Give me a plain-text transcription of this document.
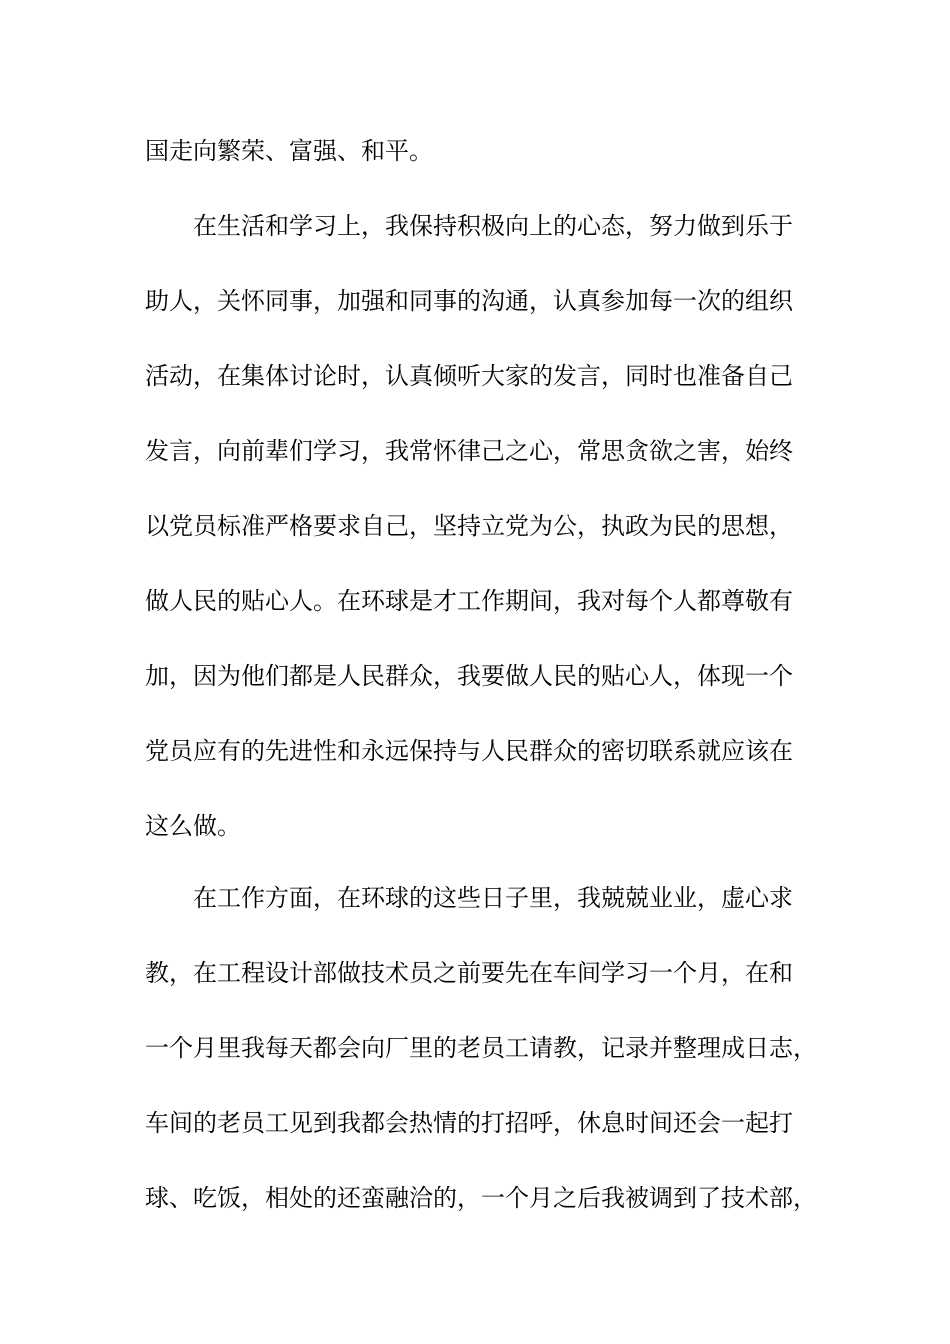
国走向繁荣、富强、和平。
在生活和学习上，我保持积极向上的心态，努力做到乐于
助人，关怀同事，加强和同事的沟通，认真参加每一次的组织
活动，在集体讨论时，认真倾听大家的发言，同时也准备自己
发言，向前辈们学习，我常怀律己之心，常思贪欲之害，始终
以党员标准严格要求自己，坚持立党为公，执政为民的思想，
做人民的贴心人。在环球是才工作期间，我对每个人都尊敬有
加，因为他们都是人民群众，我要做人民的贴心人，体现一个
党员应有的先进性和永远保持与人民群众的密切联系就应该在
这么做。
在工作方面，在环球的这些日子里，我兢兢业业，虚心求
教，在工程设计部做技术员之前要先在车间学习一个月，在和
一个月里我每天都会向厂里的老员工请教，记录并整理成日志，
车间的老员工见到我都会热情的打招呼，休息时间还会一起打
球、吃饭，相处的还蛮融洽的，一个月之后我被调到了技术部，
